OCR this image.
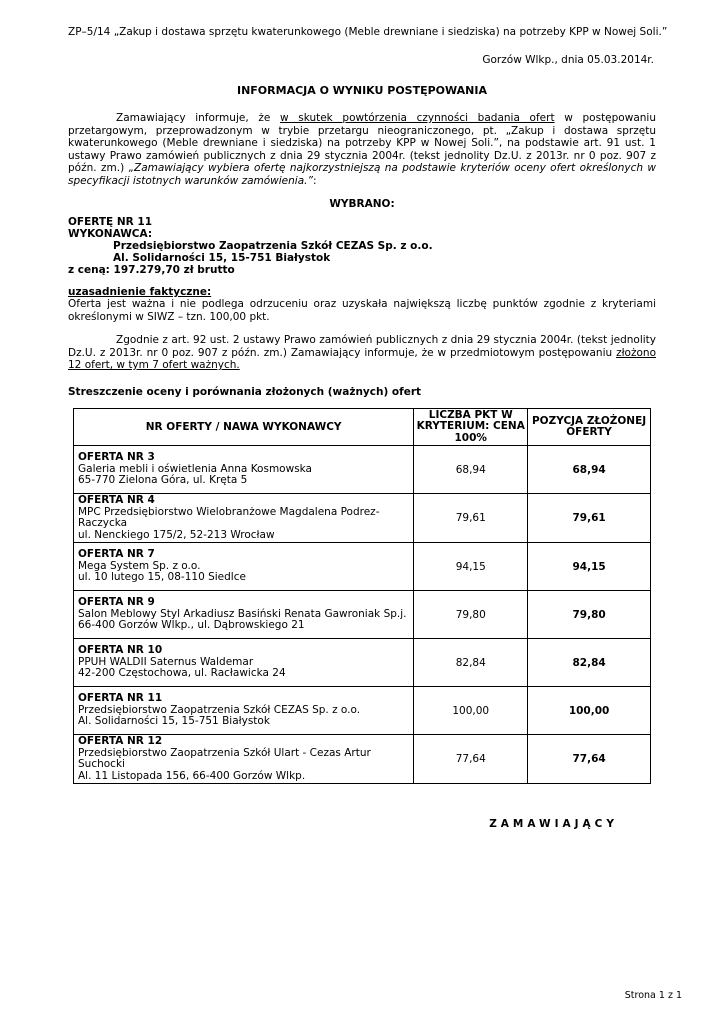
ZP–5/14 „Zakup i dostawa sprzętu kwaterunkowego (Meble drewniane i siedziska) na potrzeby KPP w Nowej Soli.”
Gorzów Wlkp., dnia 05.03.2014r.
INFORMACJA O WYNIKU POSTĘPOWANIA
Zamawiający informuje, że w skutek powtórzenia czynności badania ofert w postępowaniu przetargowym, przeprowadzonym w trybie przetargu nieograniczonego, pt. „Zakup i dostawa sprzętu kwaterunkowego (Meble drewniane i siedziska) na potrzeby KPP w Nowej Soli.”, na podstawie art. 91 ust. 1 ustawy Prawo zamówień publicznych z dnia 29 stycznia 2004r. (tekst jednolity Dz.U. z 2013r. nr 0 poz. 907 z późn. zm.) „Zamawiający wybiera ofertę najkorzystniejszą na podstawie kryteriów oceny ofert określonych w specyfikacji istotnych warunków zamówienia.”:
WYBRANO:
OFERTĘ NR 11
WYKONAWCA:
Przedsiębiorstwo Zaopatrzenia Szkół CEZAS Sp. z o.o.
Al. Solidarności 15, 15-751 Białystok
z ceną: 197.279,70 zł brutto
uzasadnienie faktyczne:
Oferta jest ważna i nie podlega odrzuceniu oraz uzyskała największą liczbę punktów zgodnie z kryteriami określonymi w SIWZ – tzn. 100,00 pkt.
Zgodnie z art. 92 ust. 2 ustawy Prawo zamówień publicznych z dnia 29 stycznia 2004r. (tekst jednolity Dz.U. z 2013r. nr 0 poz. 907 z późn. zm.) Zamawiający informuje, że w przedmiotowym postępowaniu złożono 12 ofert, w tym 7 ofert ważnych.
Streszczenie oceny i porównania złożonych (ważnych) ofert
NR OFERTY / NAWA WYKONAWCY	LICZBA PKT W KRYTERIUM: CENA 100%	POZYCJA ZŁOŻONEJ OFERTY

OFERTA NR 3
Galeria mebli i oświetlenia Anna Kosmowska
65-770 Zielona Góra, ul. Kręta 5	68,94	68,94

OFERTA NR 4
MPC Przedsiębiorstwo Wielobranżowe Magdalena Podrez-Raczycka
ul. Nenckiego 175/2, 52-213 Wrocław	79,61	79,61

OFERTA NR 7
Mega System Sp. z o.o.
ul. 10 lutego 15, 08-110 Siedlce	94,15	94,15

OFERTA NR 9
Salon Meblowy Styl Arkadiusz Basiński Renata Gawroniak Sp.j.
66-400 Gorzów Wlkp., ul. Dąbrowskiego 21	79,80	79,80

OFERTA NR 10
PPUH WALDII Saternus Waldemar
42-200 Częstochowa, ul. Racławicka 24	82,84	82,84

OFERTA NR 11
Przedsiębiorstwo Zaopatrzenia Szkół CEZAS Sp. z o.o.
Al. Solidarności 15, 15-751 Białystok	100,00	100,00

OFERTA NR 12
Przedsiębiorstwo Zaopatrzenia Szkół Ulart - Cezas Artur Suchocki
Al. 11 Listopada 156, 66-400 Gorzów Wlkp.	77,64	77,64
ZAMAWIAJĄCY
Strona 1 z 1
